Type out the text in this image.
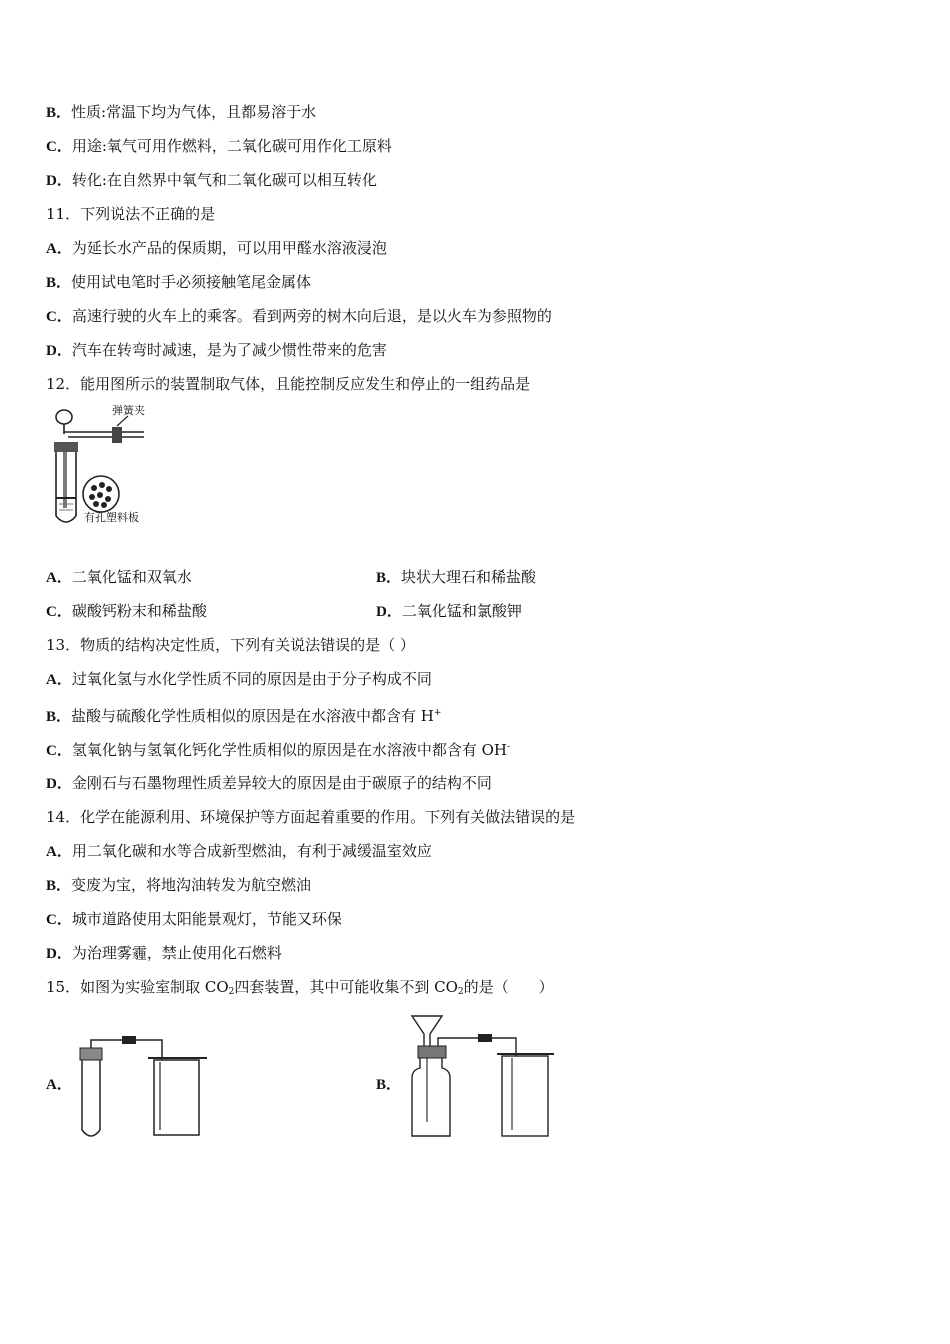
B．性质:常温下均为气体，且都易溶于水
C．用途:氧气可用作燃料，二氧化碳可用作化工原料
D．转化:在自然界中氧气和二氧化碳可以相互转化
11．下列说法不正确的是
A．为延长水产品的保质期，可以用甲醛水溶液浸泡
B．使用试电笔时手必须接触笔尾金属体
C．高速行驶的火车上的乘客。看到两旁的树木向后退，是以火车为参照物的
D．汽车在转弯时减速，是为了减少惯性带来的危害
12．能用图所示的装置制取气体，且能控制反应发生和停止的一组药品是
弹簧夹
有孔塑料板
A．二氧化锰和双氧水	B．块状大理石和稀盐酸
C．碳酸钙粉末和稀盐酸	D．二氧化锰和氯酸钾
13．物质的结构决定性质，下列有关说法错误的是（ ）
A．过氧化氢与水化学性质不同的原因是由于分子构成不同
B．盐酸与硫酸化学性质相似的原因是在水溶液中都含有 H+
C．氢氧化钠与氢氧化钙化学性质相似的原因是在水溶液中都含有 OH-
D．金刚石与石墨物理性质差异较大的原因是由于碳原子的结构不同
14．化学在能源利用、环境保护等方面起着重要的作用。下列有关做法错误的是
A．用二氧化碳和水等合成新型燃油，有利于减缓温室效应
B．变废为宝，将地沟油转发为航空燃油
C．城市道路使用太阳能景观灯，节能又环保
D．为治理雾霾，禁止使用化石燃料
15．如图为实验室制取 $CO_2$四套装置，其中可能收集不到 $CO_2$的是（　　）
A．	B．
